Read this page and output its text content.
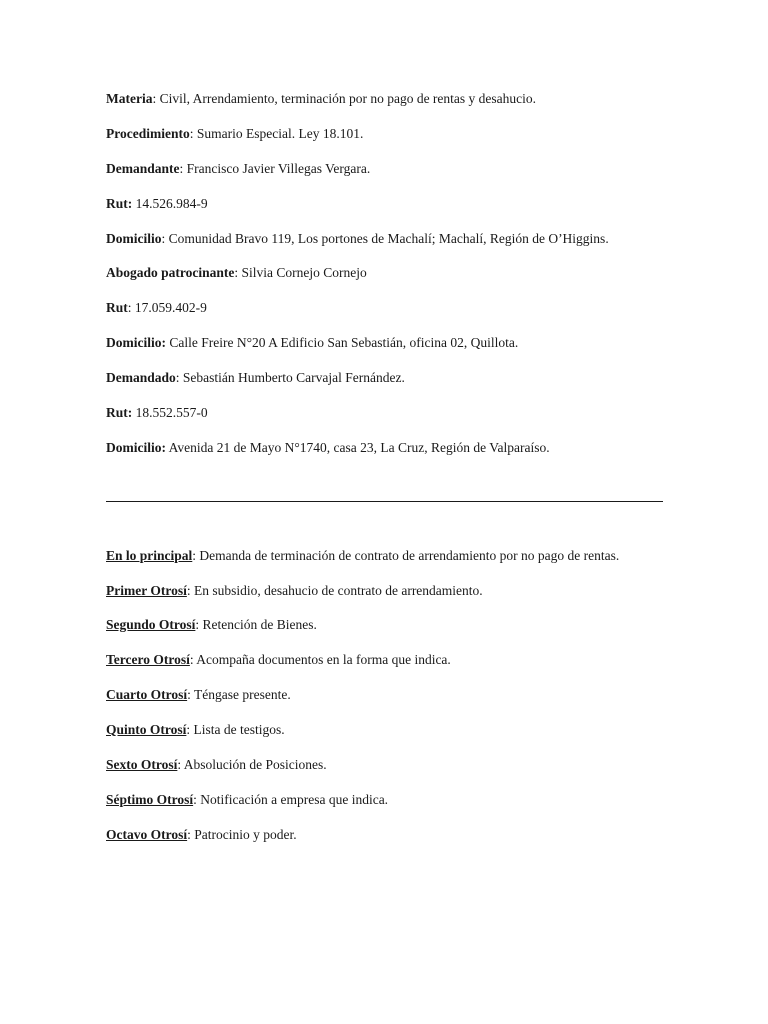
Materia: Civil, Arrendamiento, terminación por no pago de rentas y desahucio.
Procedimiento: Sumario Especial. Ley 18.101.
Demandante: Francisco Javier Villegas Vergara.
Rut: 14.526.984-9
Domicilio: Comunidad Bravo 119, Los portones de Machalí; Machalí, Región de O’Higgins.
Abogado patrocinante: Silvia Cornejo Cornejo
Rut: 17.059.402-9
Domicilio: Calle Freire N°20 A Edificio San Sebastián, oficina 02, Quillota.
Demandado: Sebastián Humberto Carvajal Fernández.
Rut: 18.552.557-0
Domicilio: Avenida 21 de Mayo N°1740, casa 23, La Cruz, Región de Valparaíso.
En lo principal: Demanda de terminación de contrato de arrendamiento por no pago de rentas.
Primer Otrosí: En subsidio, desahucio de contrato de arrendamiento.
Segundo Otrosí: Retención de Bienes.
Tercero Otrosí: Acompaña documentos en la forma que indica.
Cuarto Otrosí: Téngase presente.
Quinto Otrosí: Lista de testigos.
Sexto Otrosí: Absolución de Posiciones.
Séptimo Otrosí: Notificación a empresa que indica.
Octavo Otrosí: Patrocinio y poder.
